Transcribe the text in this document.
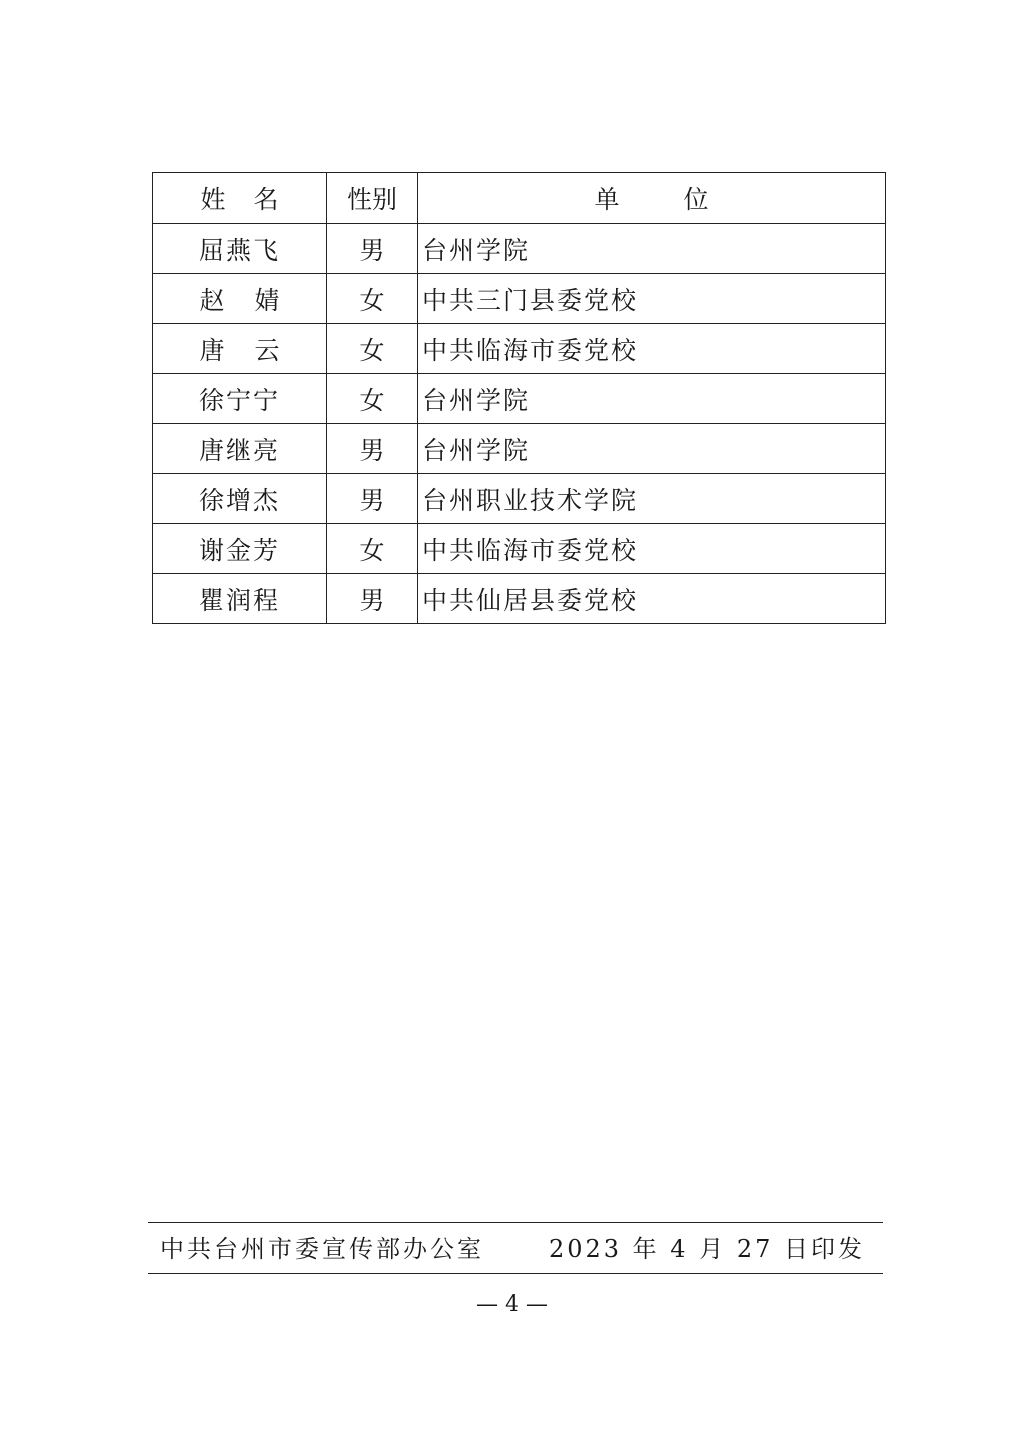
姓名	性别	单位
屈燕飞	男	台州学院
赵婧	女	中共三门县委党校
唐云	女	中共临海市委党校
徐宁宁	女	台州学院
唐继亮	男	台州学院
徐增杰	男	台州职业技术学院
谢金芳	女	中共临海市委党校
瞿润程	男	中共仙居县委党校
中共台州市委宣传部办公室	2023 年 4 月 27 日印发
— 4 —
